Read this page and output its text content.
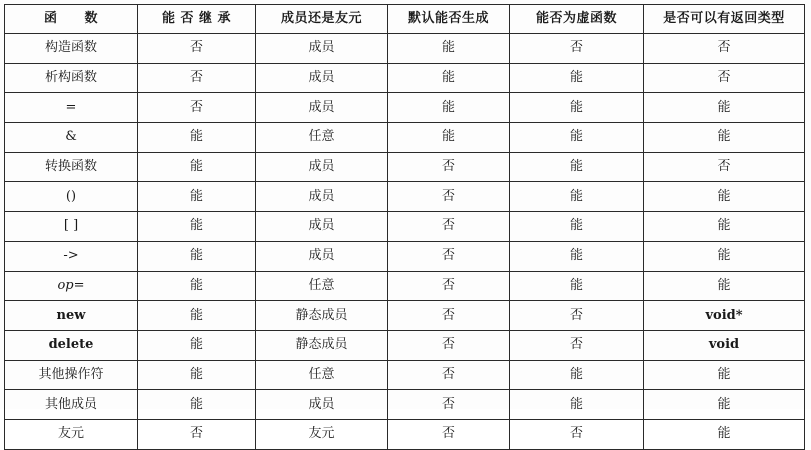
函　　数	能 否 继 承	成员还是友元	默认能否生成	能否为虚函数	是否可以有返回类型
构造函数	否	成员	能	否	否
析构函数	否	成员	能	能	否
=	否	成员	能	能	能
&	能	任意	能	能	能
转换函数	能	成员	否	能	否
()	能	成员	否	能	能
[ ]	能	成员	否	能	能
->	能	成员	否	能	能
op=	能	任意	否	能	能
new	能	静态成员	否	否	void*
delete	能	静态成员	否	否	void
其他操作符	能	任意	否	能	能
其他成员	能	成员	否	能	能
友元	否	友元	否	否	能
